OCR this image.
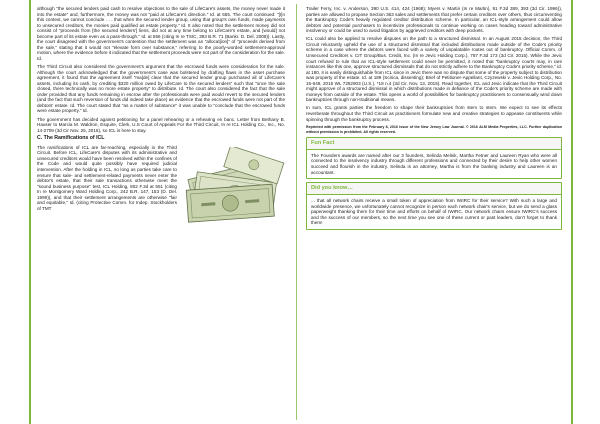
although "the secured lenders paid cash to resolve objections to the sale of LifeCare's assets, the money never made it into the estate" and, furthermore, the money was not "paid at LifeCare's direction." Id. at 555. The court continued: "[I]n this context, we cannot conclude . . . that when the secured lender group, using that group's own funds, made payments to unsecured creditors, the monies paid qualified as estate property." Id. It also noted that the settlement money did not consist of "proceeds from [the secured lenders'] liens, did not at any time belong to LifeCare's estate, and [would] not become part of its estate even as a pass-through." Id. at 556 (citing In re TSIC, 393 B.R. 71 (Bankr. D. Del. 2008)). Lastly, the court disagreed with the government's contention that the settlement was an "allocat[ion]" of "proceeds derived from the sale," stating that it would not "elevate form over substance," referring to the poorly-worded settlement-approval motion, where the evidence before it indicated that the settlement proceeds were not part of the consideration for the sale. Id.

The Third Circuit also considered the government's argument that the escrowed funds were consideration for the sale. Although the court acknowledged that the government's case was bolstered by drafting flaws in the asset purchase agreement, it found that the agreement itself "ma[de] clear that the secured lender group purchased all of LifeCare's assets, including its cash, by crediting $320 million owed by LifeCare to the secured lenders" such that "once the sale closed, there technically was no more estate property" to distribute. Id. The court also considered the fact that the sale order provided that any funds remaining in escrow after the professionals were paid would revert to the secured lenders (and the fact that such reversion of funds did indeed take place) as evidence that the escrowed funds were not part of the debtors' estate. Id. The court stated that "as a matter of substance" it was unable to "conclude that the escrowed funds were estate property." Id.

The government has decided against petitioning for a panel rehearing or a rehearing en banc. Letter from Bethany B. Hauser to Marcia M. Waldron, Esquire, Clerk, U.S Court of Appeals For the Third Circuit, In re ICL Holding Co., Inc., No. 14-2709 (3d Cir Nov. 25, 2015), so ICL is here to stay.

C. The Ramifications of ICL

The ramifications of ICL are far-reaching, especially in the Third Circuit. Before ICL, LifeCare's disputes with its administrative and unsecured creditors would have been resolved within the confines of the Code and would quite possibly have required judicial intervention. After the holding in ICL, so long as parties take care to ensure that sale- and settlement-related payments never enter the debtor's estate, that their sale transactions otherwise meet the "sound business purpose" test, ICL Holding, 802 F.3d at 551 (citing In re Montgomery Ward Holding Corp., 242 B.R. 147, 153 (D. Del. 1999)), and that their settlement arrangements are otherwise "fair and equitable," Id. (citing Protective Comm. for Indep. Stockholders of TMT

Trailer Ferry, Inc. v. Anderson, 390 U.S. 414, 424 (1968); Myers v. Martin (In re Martin), 91 F.3d 389, 393 (3d Cir. 1996)), parties are allowed to propose Section 363 sales and settlements that prefer certain creditors over others, thus circumventing the Bankruptcy Code's heavily regulated creditor distribution scheme. In particular, an ICL-style arrangement could allow debtors and potential purchasers to incentivize professionals to continue working on cases heading toward administrative insolvency or could be used to avoid litigation by aggrieved creditors with deep pockets.

ICL could also be applied to resolve disputes on the path to a structured dismissal. In an August 2015 decision, the Third Circuit reluctantly upheld the use of a structured dismissal that included distributions made outside of the Code's priority scheme in a case where the debtors were faced with a variety of unpalatable routes out of bankruptcy. Official Comm. of Unsecured Creditors v. CIT Group/Bus. Credit, Inc. (In re Jevic Holding Corp.), 787 F.3d 173 (3d Cir. 2015). While the Jevic court refused to rule that an ICL-style settlement could never be permitted, it noted that "bankruptcy courts may, in rare instances like this one, approve structured dismissals that do not strictly adhere to the Bankruptcy Code's priority scheme," id. at 180, it is easily distinguishable from ICL since in Jevic there was no dispute that some of the property subject to distribution was property of the estate. Id. at 189 (Scirica, dissenting); Brief of Petitioner-Appellant, Czyzewski v. Jevic Holding Corp., No. 15-649, 2015 WL 7252903 (U.S.), *18 n.4 (3d Cir. Nov. 13, 2015). Read together, ICL and Jevic indicate that the Third Circuit might approve of a structured dismissal in which distributions made in defiance of the Code's priority scheme are made with moneys from outside of the estate. This opens a world of possibilities for bankruptcy practitioners to consensually wind down bankruptcies through non-traditional means.

In sum, ICL grants parties the freedom to shape their bankruptcies from stem to stern. We expect to see its effects reverberate throughout the Third Circuit as practitioners formulate new and creative strategies to appease constituents while spinning through the bankruptcy process.

Reprinted with permission from the February 8, 2016 issue of the New Jersey Law Journal. © 2016 ALM Media Properties, LLC. Further duplication without permission is prohibited. All rights reserved.
Fun Fact

The Founders awards are named after our 3 founders, Selinda Melnik, Martha Fetner and Laureen Ryan who were all connected to the insolvency industry through different professions and connected by their desire to help other women succeed and flourish in the industry. Selinda is an attorney, Martha is from the banking industry and Laureen is an accountant.

Did you know…

... that all network chairs receive a small token of appreciation from IWIRC for their service? With such a large and worldwide presence, we unfortunately cannot recognize in person each network chair's service, but we do send a glass paperweight thanking them for their time and efforts on behalf of IWIRC. Our network chairs ensure IWIRC's success and the success of our members, so the next time you see one of these current or past leaders, don't forget to thank them!
